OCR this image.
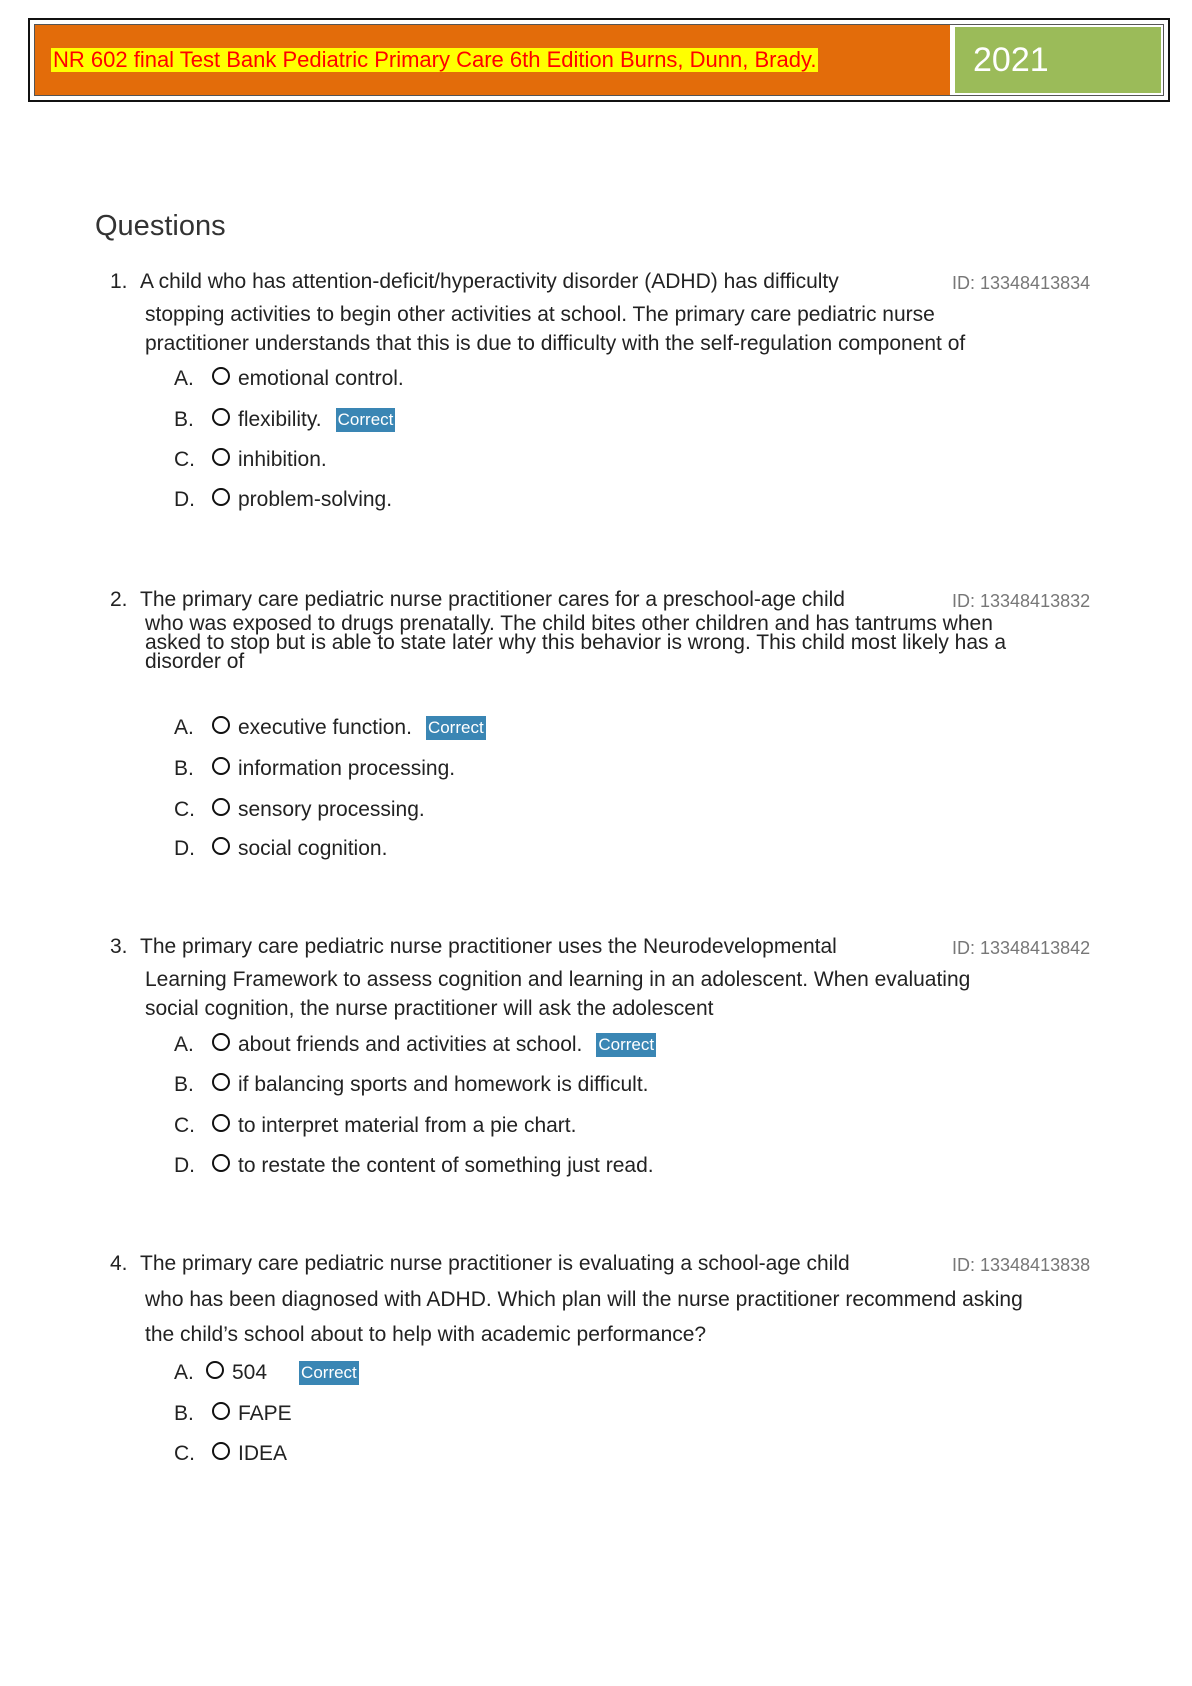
NR 602 final Test Bank Pediatric Primary Care 6th Edition Burns, Dunn, Brady.	2021
Questions
1. A child who has attention-deficit/hyperactivity disorder (ADHD) has difficulty	ID: 13348413834
stopping activities to begin other activities at school. The primary care pediatric nurse
practitioner understands that this is due to difficulty with the self-regulation component of
A.	emotional control.
B.	flexibility. Correct
C.	inhibition.
D.	problem-solving.
2. The primary care pediatric nurse practitioner cares for a preschool-age child	ID: 13348413832
who was exposed to drugs prenatally. The child bites other children and has tantrums when
asked to stop but is able to state later why this behavior is wrong. This child most likely has a
disorder of
A.	executive function. Correct
B.	information processing.
C.	sensory processing.
D.	social cognition.
3. The primary care pediatric nurse practitioner uses the Neurodevelopmental	ID: 13348413842
Learning Framework to assess cognition and learning in an adolescent. When evaluating
social cognition, the nurse practitioner will ask the adolescent
A.	about friends and activities at school. Correct
B.	if balancing sports and homework is difficult.
C.	to interpret material from a pie chart.
D.	to restate the content of something just read.
4. The primary care pediatric nurse practitioner is evaluating a school-age child	ID: 13348413838
who has been diagnosed with ADHD. Which plan will the nurse practitioner recommend asking
the child’s school about to help with academic performance?
A.	504 Correct
B.	FAPE
C.	IDEA
